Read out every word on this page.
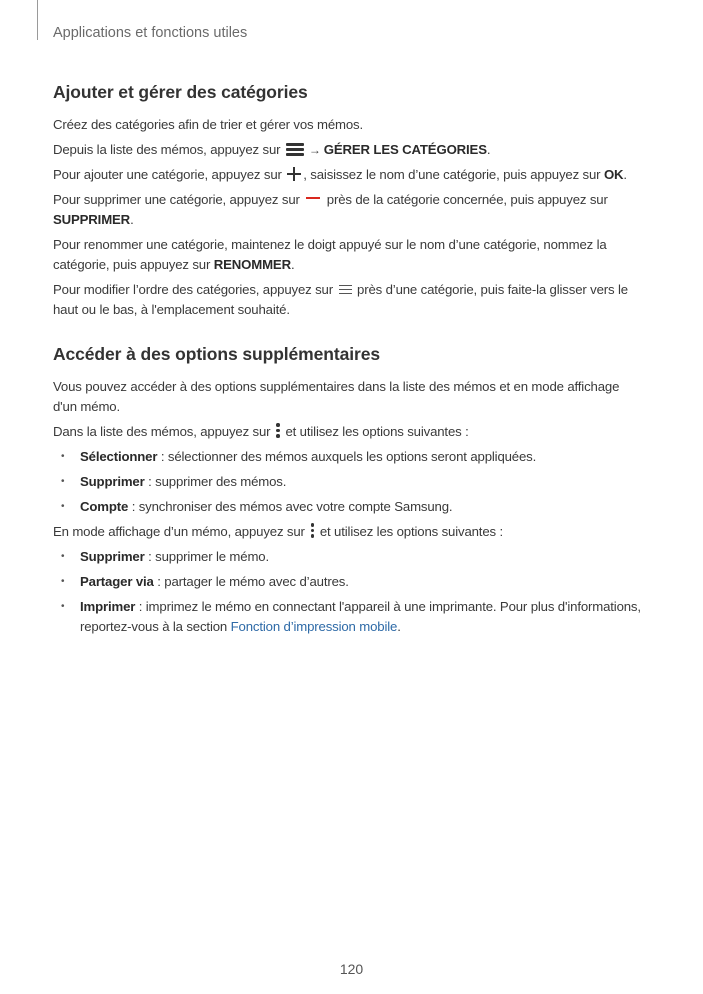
Applications et fonctions utiles
Ajouter et gérer des catégories

Créez des catégories afin de trier et gérer vos mémos.

Depuis la liste des mémos, appuyez sur → GÉRER LES CATÉGORIES.

Pour ajouter une catégorie, appuyez sur , saisissez le nom d’une catégorie, puis appuyez sur OK.

Pour supprimer une catégorie, appuyez sur près de la catégorie concernée, puis appuyez sur SUPPRIMER.

Pour renommer une catégorie, maintenez le doigt appuyé sur le nom d’une catégorie, nommez la catégorie, puis appuyez sur RENOMMER.

Pour modifier l’ordre des catégories, appuyez sur près d’une catégorie, puis faite-la glisser vers le haut ou le bas, à l'emplacement souhaité.

Accéder à des options supplémentaires

Vous pouvez accéder à des options supplémentaires dans la liste des mémos et en mode affichage d'un mémo.

Dans la liste des mémos, appuyez sur et utilisez les options suivantes :

• Sélectionner : sélectionner des mémos auxquels les options seront appliquées.
• Supprimer : supprimer des mémos.
• Compte : synchroniser des mémos avec votre compte Samsung.

En mode affichage d’un mémo, appuyez sur et utilisez les options suivantes :

• Supprimer : supprimer le mémo.
• Partager via : partager le mémo avec d’autres.
• Imprimer : imprimez le mémo en connectant l'appareil à une imprimante. Pour plus d'informations, reportez-vous à la section Fonction d’impression mobile.
120
